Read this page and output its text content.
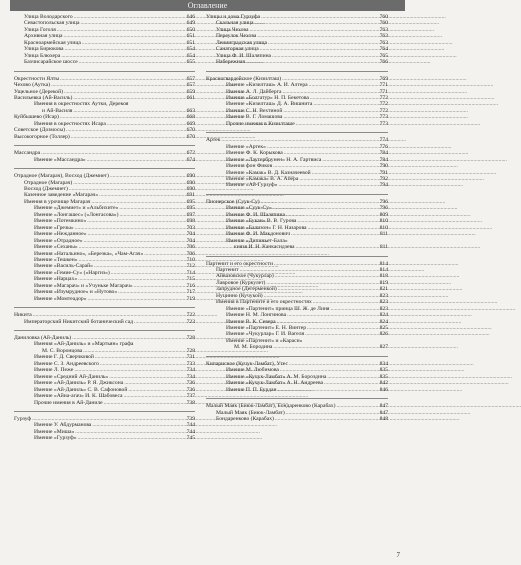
Оглавление
Улица Володарского .....	646
Севастопольская улица .....	649
Улица Гоголя .....	650
Архивная улица .....	651
Красноармейская улица .....	651
Улица Бирюкова .....	654
Улица Блюхера .....	654
Бахчисарайское шоссе .....	655
Окрестности Ялты .....	657
Чехово (Аутка) .....	657
Ущельное (Дерекой) .....	659
Васильевка (Ай-Василь) .....	661
Имения в окрестностях Аутки, Дерекоя
и Ай-Василя .....	663
Куйбышево (Исар) .....	668
Имения в окрестностях Исара .....	669
Советское (Дозмосы) .....	670
Высокогорное (Толлер) .....	670
Массандра .....	672
Имение «Массандра» .....	674
Отрадное (Магарач), Восход (Джемиет) .....	690
Отрадное (Магарач) .....	690
Восход (Джемиет) .....	690
Казенное заведение «Магарач» .....	691
Имения в урочище Магарач .....	695
Имение «Джемиет» и «Альбихите» .....	695
Имение «Лонгашес» («Лонгасова») .....	697
Имение «Потемкино» .....	698
Имение «Грезы» .....	703
Имение «Нежданное» .....	704
Имение «Отрадное» .....	704
Имение «Сеханы» .....	706
Имения «Натальино», «Березка», «Чам-Агач» .....	706
Имение «Тешкен» .....	710
Имение «Василь-Сарай» .....	712
Имение «Гемие-Су» («Наргиз») .....	714
Имение «Нарцах» .....	715
Имение «Магарач» и «Учуньке Магарач» .....	716
Имения «Изумрудное» и «Нутово» .....	717
Имение «Момтеадор» .....	719
Никита .....	722
Императорский Никитский ботанический сад .....	723
Даниловка (Ай-Даниль) .....	728
Имения «Ай-Даниль» и «Мартьян» графа
М. С. Воронцова .....	728
Имение Г. Д. Сверчковой .....	731
Имение С. З. Андреевского .....	733
Имение Л. Пеже .....	734
Имение «Средний Ай-Даниль» .....	734
Имение «Ай-Даниль» Р. Я. Джиксона .....	736
Имение «Ай-Даниль» С. В. Сафоновой .....	736
Имение «Айна-агач» И. К. Шабовеса .....	737
Прочие имения в Ай-Даниле .....	738
Гурзуф .....	739
Имение У. Абдурманова .....	744
Имение «Миша» .....	744
Имение «Гурзуф» .....	745
Улицы и дома Гурзуфа .....	760
Скальная улица .....	760
Улица Чехова .....	763
Переулок Чехова .....	763
Ленинградская улица .....	763
Санаторная улица .....	764
Улица Ф. И. Шаляпина .....	765
Набережная .....	766
Красногвардейское (Кизилташ) .....	769
Имение «Кизилташ» А. И. Алтера .....	771
Имение А. Л. Дайберга .....	771
Имение «Болгатур» Н. П. Бекетова .....	772
Имение «Кизилташ» Д. А. Вишнита .....	772
Имение С. Н. Вехтиной .....	772
Имение В. Г. Ломашова .....	773
Прочие имения в Кизилташе .....	773
Артек .....	774
Имение «Артек» .....	776
Имение Ф. К. Корыкова .....	784
Имение «Лаутербрунен» Н. А. Гартвиса .....	784
Имения фон Фиков .....	790
Имение «Камак» В. Д. Казначеевой .....	791
Имение «Камака» В. А. Апера .....	792
Имение «Ай-Гурзуф» .....	794
Пионерское (Суук-Су) .....	796
Имение «Суук-Су» .....	796
Имение Ф. И. Шаляпина .....	809
Имение «Букан» В. В. Гурова .....	810
Имение «Бализон» Г. Н. Назарова .....	810
Имение Ф. И. Макдонович .....	811
Имение «Дипиньет-Бала»
князя И. Н. Канкасидзева .....	811
Партенит и его окрестности .....	814
Партенит .....	814
Айвазовское (Чукурлар) .....	818
Лавровое (Куркулет) .....	819
Запрудное (Дегерменкой) .....	821
Нуцинно (Кучукой) .....	823
Имения в Партените и его окрестностях .....	823
Имение «Партенит» принца Ш. Ж. де Линя .....	823
Имение Н. М. Лонгинова .....	824
Имение В. К. Севера .....	824
Имение «Партенит» Е. Н. Винтер .....	825
Имение «Чукурлар» Г. И. Вагеля .....	826
Имение «Партенит» и «Караси»
М. М. Бородина .....	827
Кипарисное (Кучук-Ламбат), Утес .....	834
Имение М. Любимова .....	835
Имение «Кучук-Ламбат» А. М. Бороздина .....	835
Имение «Кучук-Ламбат» А. Н. Андреева .....	842
Имение П. П. Бурдан .....	846
Малый Маяк (Биюк-Ламбат), Бондаренково (Карабах) .....	847
Малый Маяк (Биюк-Ламбат) .....	847
Бондаренково (Карабах) .....	848
7
